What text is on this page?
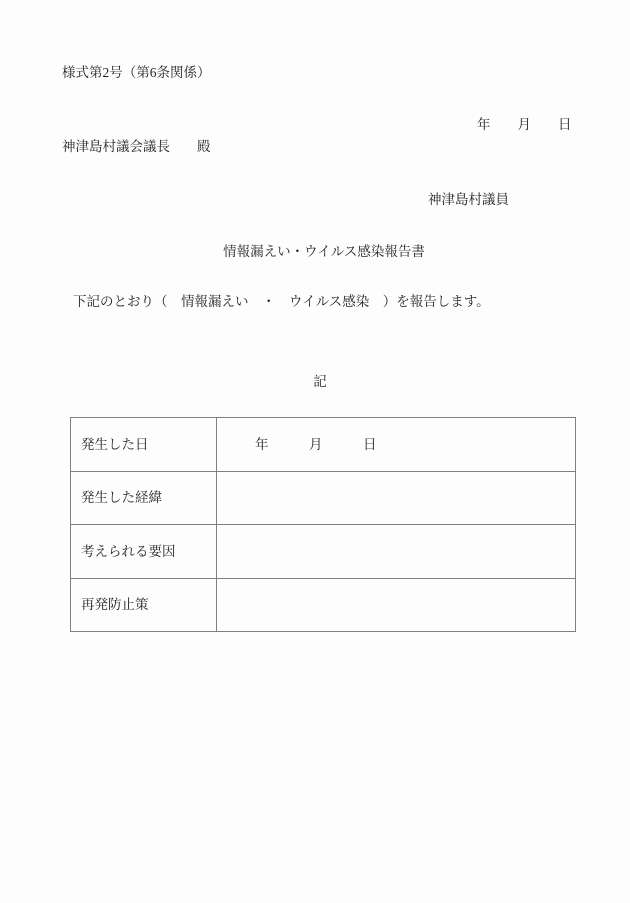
様式第2号（第6条関係）
年　　月　　日
神津島村議会議長　　殿
神津島村議員
情報漏えい・ウイルス感染報告書
下記のとおり（　情報漏えい　・　ウイルス感染　）を報告します。
記
発生した日	年　　　月　　　日
発生した経緯	
考えられる要因	
再発防止策	
